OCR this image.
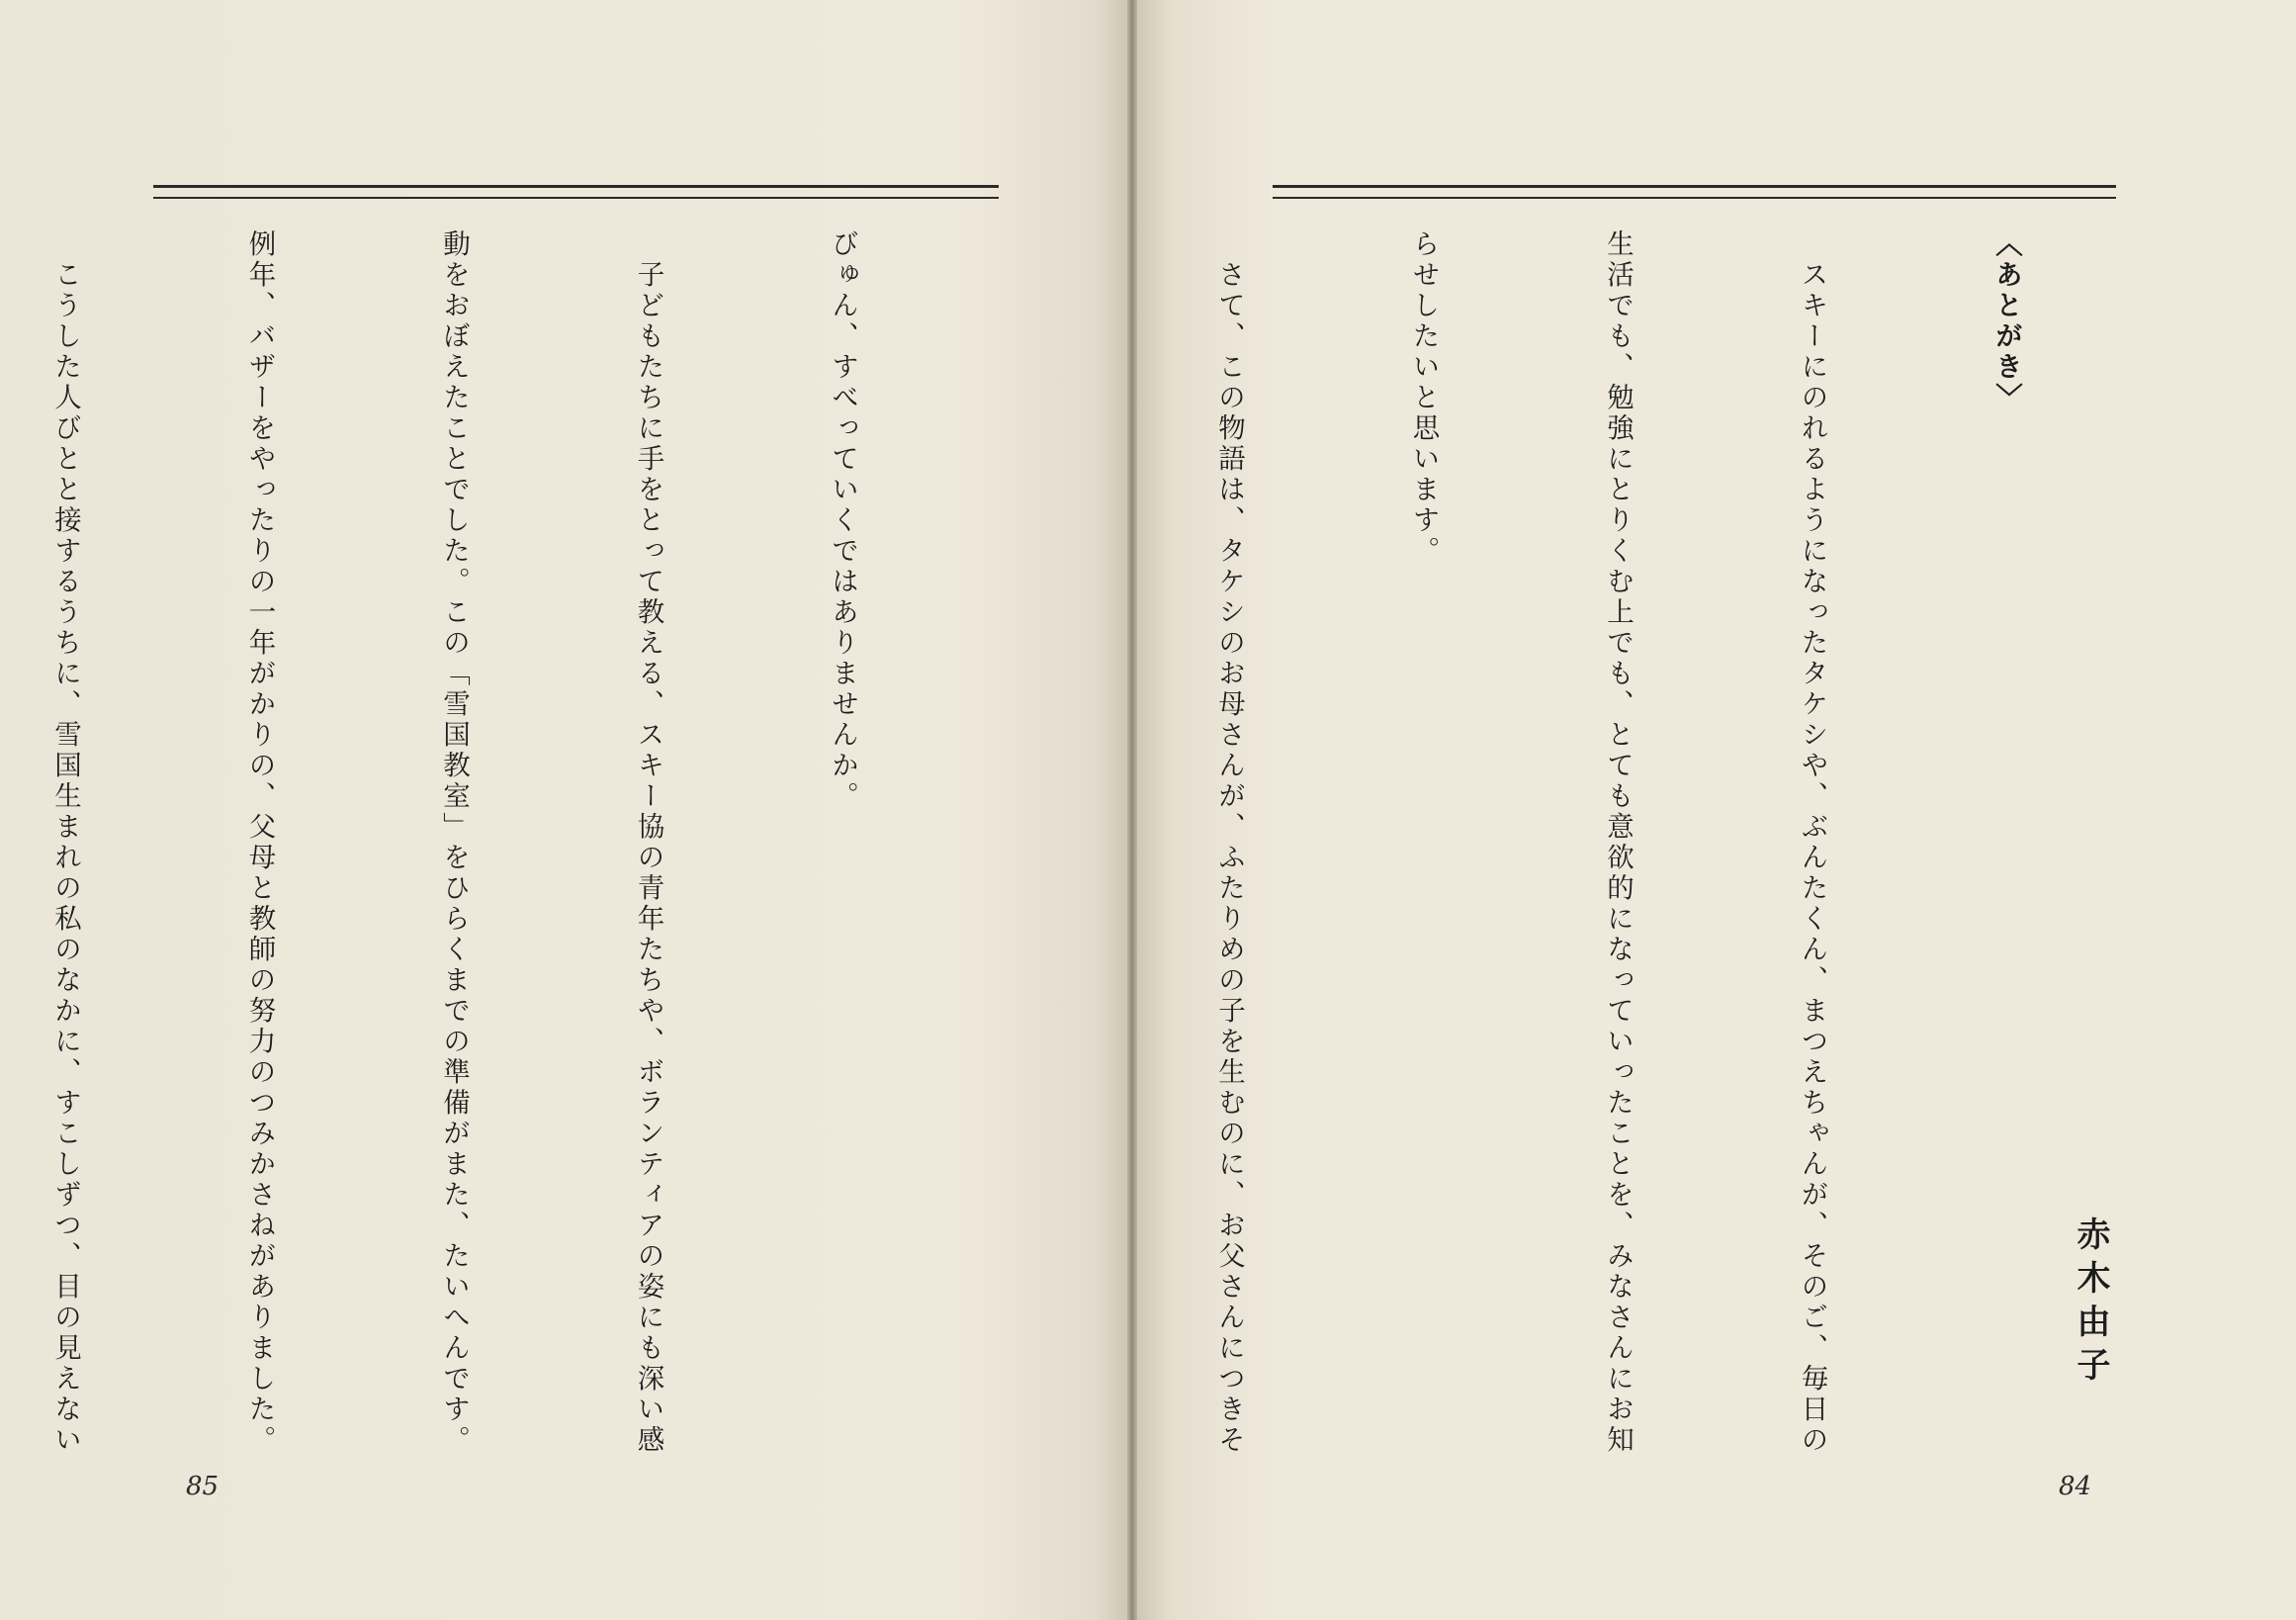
びゅん、すべっていくではありませんか。

　子どもたちに手をとって教える、スキー協の青年たちや、ボランティアの姿にも深い感

動をおぼえたことでした。この「雪国教室」をひらくまでの準備がまた、たいへんです。

例年、バザーをやったりの一年がかりの、父母と教師の努力のつみかさねがありました。

　こうした人びとと接するうちに、雪国生まれの私のなかに、すこしずつ、目の見えない

85

〈あとがき〉

　スキーにのれるようになったタケシや、ぶんたくん、まつえちゃんが、そのご、毎日の

生活でも、勉強にとりくむ上でも、とても意欲的になっていったことを、みなさんにお知

らせしたいと思います。

　さて、この物語は、タケシのお母さんが、ふたりめの子を生むのに、お父さんにつきそ

	赤木由子
84
